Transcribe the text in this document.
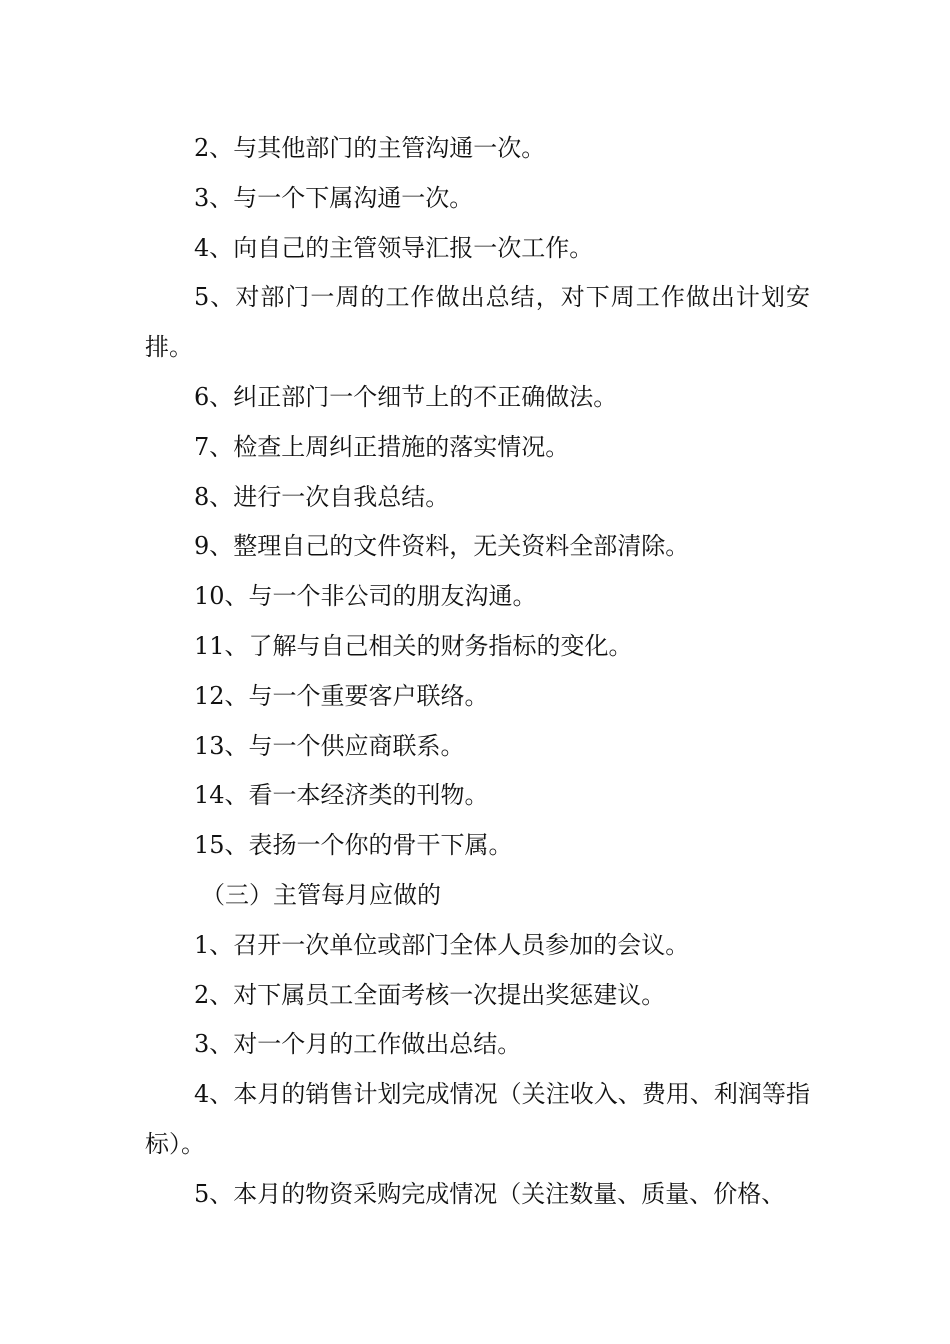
2、与其他部门的主管沟通一次。

3、与一个下属沟通一次。

4、向自己的主管领导汇报一次工作。

5、对部门一周的工作做出总结，对下周工作做出计划安排。

6、纠正部门一个细节上的不正确做法。

7、检查上周纠正措施的落实情况。

8、进行一次自我总结。

9、整理自己的文件资料，无关资料全部清除。

10、与一个非公司的朋友沟通。

11、了解与自己相关的财务指标的变化。

12、与一个重要客户联络。

13、与一个供应商联系。

14、看一本经济类的刊物。

15、表扬一个你的骨干下属。

（三）主管每月应做的

1、召开一次单位或部门全体人员参加的会议。

2、对下属员工全面考核一次提出奖惩建议。

3、对一个月的工作做出总结。

4、本月的销售计划完成情况（关注收入、费用、利润等指标）。

5、本月的物资采购完成情况（关注数量、质量、价格、
